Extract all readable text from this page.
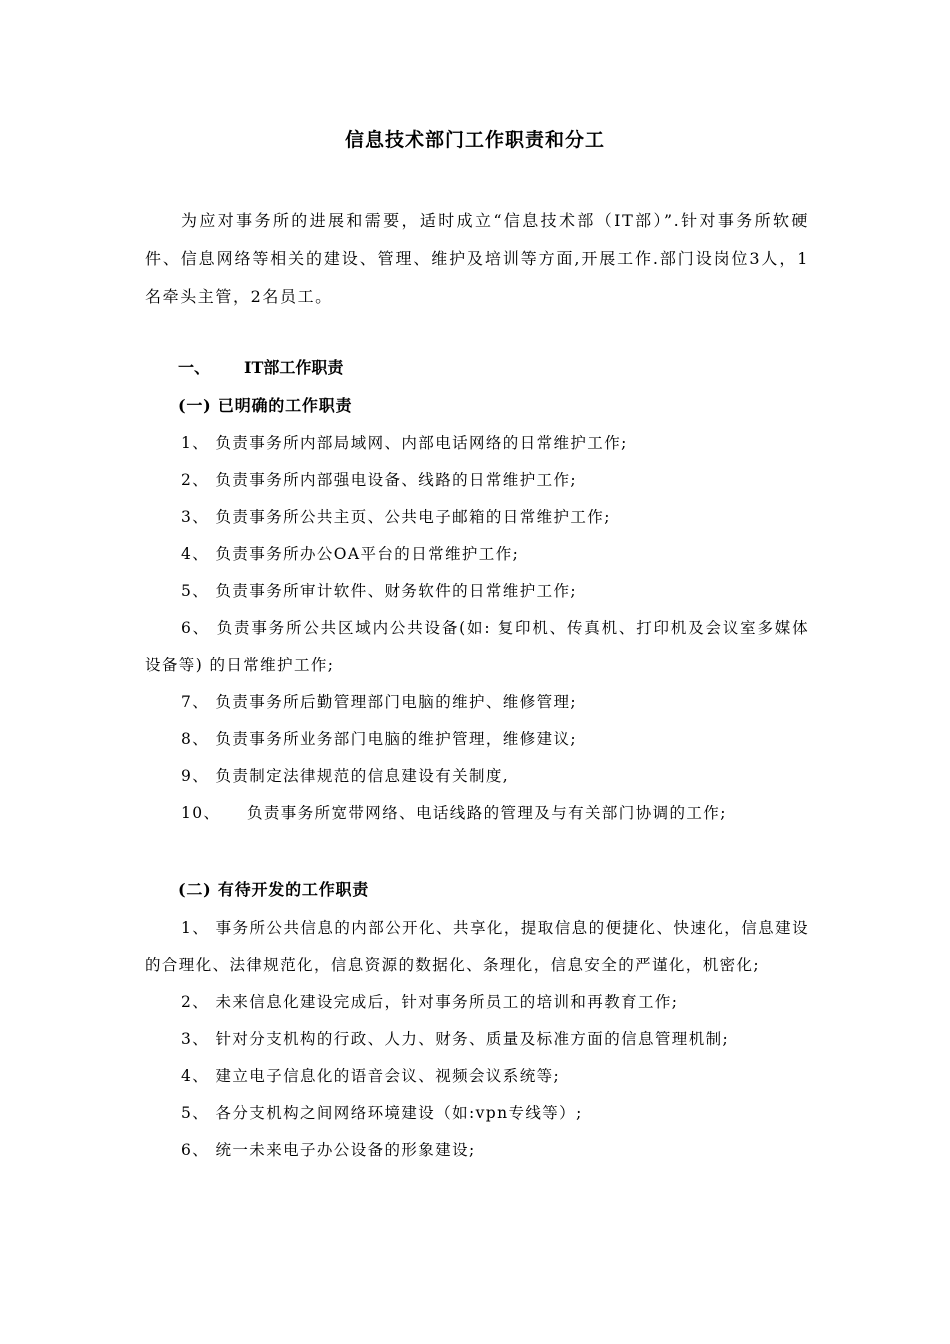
信息技术部门工作职责和分工

为应对事务所的进展和需要，适时成立“信息技术部（IT部）”.针对事务所软硬件、信息网络等相关的建设、管理、维护及培训等方面,开展工作.部门设岗位3人，1名牵头主管，2名员工。

一、 IT部工作职责
(一) 已明确的工作职责
1、 负责事务所内部局域网、内部电话网络的日常维护工作;
2、 负责事务所内部强电设备、线路的日常维护工作;
3、 负责事务所公共主页、公共电子邮箱的日常维护工作;
4、 负责事务所办公OA平台的日常维护工作;
5、 负责事务所审计软件、财务软件的日常维护工作;
6、 负责事务所公共区域内公共设备(如: 复印机、传真机、打印机及会议室多媒体设备等) 的日常维护工作;
7、 负责事务所后勤管理部门电脑的维护、维修管理;
8、 负责事务所业务部门电脑的维护管理，维修建议;
9、 负责制定法律规范的信息建设有关制度,
10、 负责事务所宽带网络、电话线路的管理及与有关部门协调的工作;
(二) 有待开发的工作职责
1、 事务所公共信息的内部公开化、共享化，提取信息的便捷化、快速化，信息建设的合理化、法律规范化，信息资源的数据化、条理化，信息安全的严谨化，机密化;
2、 未来信息化建设完成后，针对事务所员工的培训和再教育工作;
3、 针对分支机构的行政、人力、财务、质量及标准方面的信息管理机制;
4、 建立电子信息化的语音会议、视频会议系统等;
5、 各分支机构之间网络环境建设（如:vpn专线等）;
6、 统一未来电子办公设备的形象建设;
